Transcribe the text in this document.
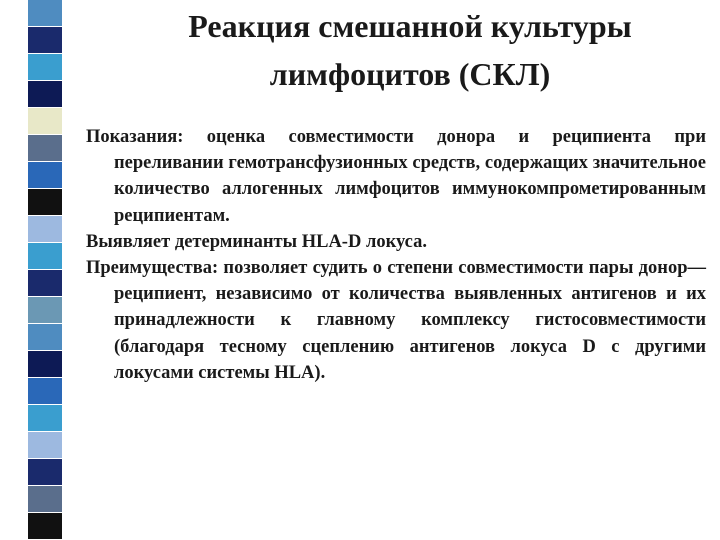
Реакция смешанной культуры
лимфоцитов (СКЛ)

Показания: оценка совместимости донора и реципиента при переливании гемотрансфузионных средств, содержащих значительное количество аллогенных лимфоцитов иммунокомпрометированным реципиентам.

Выявляет детерминанты HLA-D локуса.

Преимущества: позволяет судить о степени совместимости пары донор—реципиент, независимо от количества выявленных антигенов и их принадлежности к главному комплексу гистосовместимости (благодаря тесному сцеплению антигенов локуса D с другими локусами системы HLA).
